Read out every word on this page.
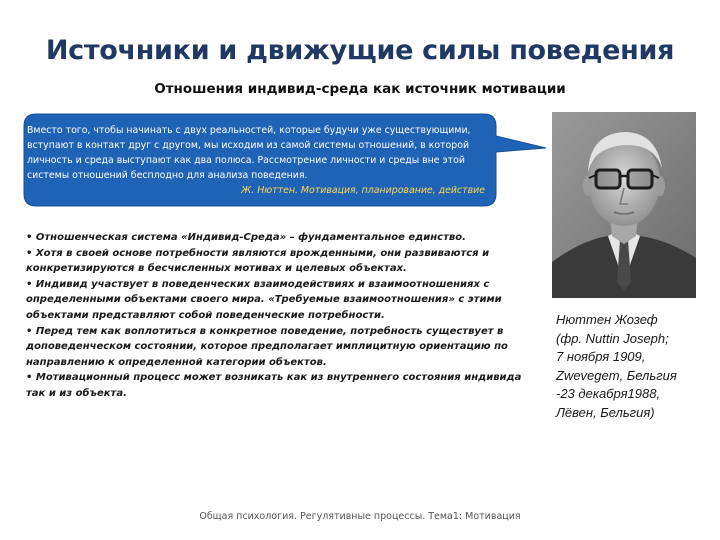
Источники и движущие силы поведения
Отношения индивид-среда как источник мотивации
Вместо того, чтобы начинать с двух реальностей, которые будучи уже существующими, вступают в контакт друг с другом, мы исходим из самой системы отношений, в которой личность и среда выступают как два полюса. Рассмотрение личности и среды вне этой системы отношений бесплодно для анализа поведения.
Ж. Нюттен. Мотивация, планирование, действие

• Отношенческая система «Индивид-Среда» – фундаментальное единство.

• Хотя в своей основе потребности являются врожденными, они развиваются и конкретизируются в бесчисленных мотивах и целевых объектах.

• Индивид участвует в поведенческих взаимодействиях и взаимоотношениях с определенными объектами своего мира. «Требуемые взаимоотношения» с этими объектами представляют собой поведенческие потребности.

• Перед тем как воплотиться в конкретное поведение, потребность существует в доповеденческом состоянии, которое предполагает имплицитную ориентацию по направлению к определенной категории объектов.

• Мотивационный процесс может возникать как из внутреннего состояния индивида так и из объекта.

Нюттен Жозеф
(фр. Nuttin Joseph;
7 ноября 1909,
Zwevegem, Бельгия
-23 декабря1988,
Лёвен, Бельгия)
Общая психология. Регулятивные процессы. Тема1: Мотивация
